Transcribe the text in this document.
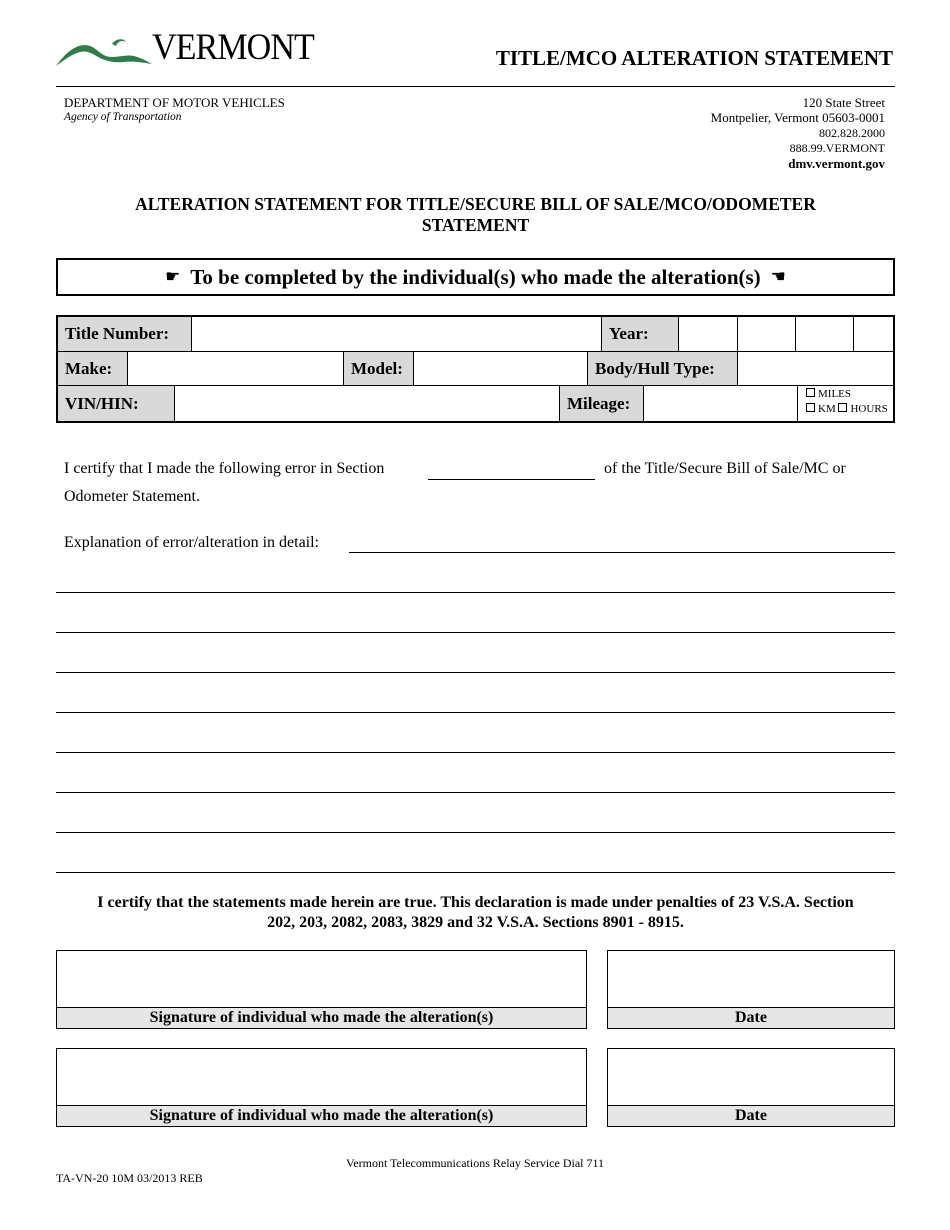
VERMONT	TITLE/MCO ALTERATION STATEMENT
DEPARTMENT OF MOTOR VEHICLES
Agency of Transportation
120 State Street
Montpelier, Vermont 05603-0001
802.828.2000
888.99.VERMONT
dmv.vermont.gov
ALTERATION STATEMENT FOR TITLE/SECURE BILL OF SALE/MCO/ODOMETER
STATEMENT
☛ To be completed by the individual(s) who made the alteration(s) ☚
Title Number:	Year:
Make:	Model:	Body/Hull Type:
VIN/HIN:	Mileage:	MILES
KM HOURS
I certify that I made the following error in Section	of the Title/Secure Bill of Sale/MC or
Odometer Statement.
Explanation of error/alteration in detail:
I certify that the statements made herein are true. This declaration is made under penalties of 23 V.S.A. Section
202, 203, 2082, 2083, 3829 and 32 V.S.A. Sections 8901 - 8915.
Signature of individual who made the alteration(s)	Date
Signature of individual who made the alteration(s)	Date
Vermont Telecommunications Relay Service Dial 711
TA-VN-20 10M 03/2013 REB
